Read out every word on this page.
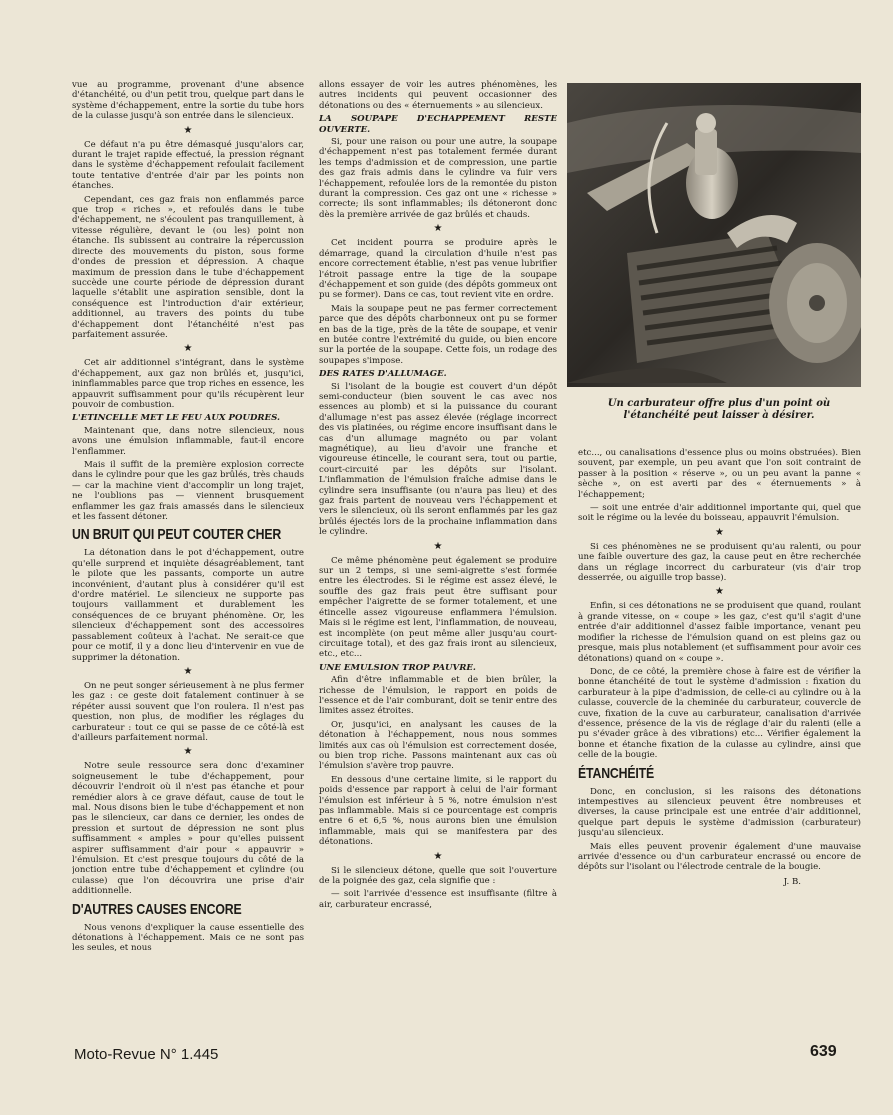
vue au programme, provenant d'une absence d'étanchéité, ou d'un petit trou, quelque part dans le système d'échappement, entre la sortie du tube hors de la culasse jusqu'à son entrée dans le silencieux.

★

Ce défaut n'a pu être démasqué jusqu'alors car, durant le trajet rapide effectué, la pression régnant dans le système d'échappement refoulait facilement toute tentative d'entrée d'air par les points non étanches.

Cependant, ces gaz frais non enflammés parce que trop « riches », et refoulés dans le tube d'échappement, ne s'écoulent pas tranquillement, à vitesse régulière, devant le (ou les) point non étanche. Ils subissent au contraire la répercussion directe des mouvements du piston, sous forme d'ondes de pression et dépression. A chaque maximum de pression dans le tube d'échappement succède une courte période de dépression durant laquelle s'établit une aspiration sensible, dont la conséquence est l'introduction d'air extérieur, additionnel, au travers des points du tube d'échappement dont l'étanchéité n'est pas parfaitement assurée.

★

Cet air additionnel s'intégrant, dans le système d'échappement, aux gaz non brûlés et, jusqu'ici, ininflammables parce que trop riches en essence, les appauvrit suffisamment pour qu'ils récupèrent leur pouvoir de combustion.

L'ETINCELLE MET LE FEU AUX POUDRES.

Maintenant que, dans notre silencieux, nous avons une émulsion inflammable, faut-il encore l'enflammer.

Mais il suffit de la première explosion correcte dans le cylindre pour que les gaz brûlés, très chauds — car la machine vient d'accomplir un long trajet, ne l'oublions pas — viennent brusquement enflammer les gaz frais amassés dans le silencieux et les fassent détoner.

UN BRUIT QUI PEUT COUTER CHER

La détonation dans le pot d'échappement, outre qu'elle surprend et inquiète désagréablement, tant le pilote que les passants, comporte un autre inconvénient, d'autant plus à considérer qu'il est d'ordre matériel. Le silencieux ne supporte pas toujours vaillamment et durablement les conséquences de ce bruyant phénomène. Or, les silencieux d'échappement sont des accessoires passablement coûteux à l'achat. Ne serait-ce que pour ce motif, il y a donc lieu d'intervenir en vue de supprimer la détonation.

★

On ne peut songer sérieusement à ne plus fermer les gaz : ce geste doit fatalement continuer à se répéter aussi souvent que l'on roulera. Il n'est pas question, non plus, de modifier les réglages du carburateur : tout ce qui se passe de ce côté-là est d'ailleurs parfaitement normal.

★

Notre seule ressource sera donc d'examiner soigneusement le tube d'échappement, pour découvrir l'endroit où il n'est pas étanche et pour remédier alors à ce grave défaut, cause de tout le mal. Nous disons bien le tube d'échappement et non pas le silencieux, car dans ce dernier, les ondes de pression et surtout de dépression ne sont plus suffisamment « amples » pour qu'elles puissent aspirer suffisamment d'air pour « appauvrir » l'émulsion. Et c'est presque toujours du côté de la jonction entre tube d'échappement et cylindre (ou culasse) que l'on découvrira une prise d'air additionnelle.

D'AUTRES CAUSES ENCORE

Nous venons d'expliquer la cause essentielle des détonations à l'échappement. Mais ce ne sont pas les seules, et nous

allons essayer de voir les autres phénomènes, les autres incidents qui peuvent occasionner des détonations ou des « éternuements » au silencieux.

LA SOUPAPE D'ECHAPPEMENT RESTE OUVERTE.

Si, pour une raison ou pour une autre, la soupape d'échappement n'est pas totalement fermée durant les temps d'admission et de compression, une partie des gaz frais admis dans le cylindre va fuir vers l'échappement, refoulée lors de la remontée du piston durant la compression. Ces gaz ont une « richesse » correcte; ils sont inflammables; ils détoneront donc dès la première arrivée de gaz brûlés et chauds.

★

Cet incident pourra se produire après le démarrage, quand la circulation d'huile n'est pas encore correctement établie, n'est pas venue lubrifier l'étroit passage entre la tige de la soupape d'échappement et son guide (des dépôts gommeux ont pu se former). Dans ce cas, tout revient vite en ordre.

Mais la soupape peut ne pas fermer correctement parce que des dépôts charbonneux ont pu se former en bas de la tige, près de la tête de soupape, et venir en butée contre l'extrémité du guide, ou bien encore sur la portée de la soupape. Cette fois, un rodage des soupapes s'impose.

DES RATES D'ALLUMAGE.

Si l'isolant de la bougie est couvert d'un dépôt semi-conducteur (bien souvent le cas avec nos essences au plomb) et si la puissance du courant d'allumage n'est pas assez élevée (réglage incorrect des vis platinées, ou régime encore insuffisant dans le cas d'un allumage magnéto ou par volant magnétique), au lieu d'avoir une franche et vigoureuse étincelle, le courant sera, tout ou partie, court-circuité par les dépôts sur l'isolant. L'inflammation de l'émulsion fraîche admise dans le cylindre sera insuffisante (ou n'aura pas lieu) et des gaz frais partent de nouveau vers l'échappement et vers le silencieux, où ils seront enflammés par les gaz brûlés éjectés lors de la prochaine inflammation dans le cylindre.

★

Ce même phénomène peut également se produire sur un 2 temps, si une semi-aigrette s'est formée entre les électrodes. Si le régime est assez élevé, le souffle des gaz frais peut être suffisant pour empêcher l'aigrette de se former totalement, et une étincelle assez vigoureuse enflammera l'émulsion. Mais si le régime est lent, l'inflammation, de nouveau, est incomplète (on peut même aller jusqu'au court-circuitage total), et des gaz frais iront au silencieux, etc., etc...

UNE EMULSION TROP PAUVRE.

Afin d'être inflammable et de bien brûler, la richesse de l'émulsion, le rapport en poids de l'essence et de l'air comburant, doit se tenir entre des limites assez étroites.

Or, jusqu'ici, en analysant les causes de la détonation à l'échappement, nous nous sommes limités aux cas où l'émulsion est correctement dosée, ou bien trop riche. Passons maintenant aux cas où l'émulsion s'avère trop pauvre.

En dessous d'une certaine limite, si le rapport du poids d'essence par rapport à celui de l'air formant l'émulsion est inférieur à 5 %, notre émulsion n'est pas inflammable. Mais si ce pourcentage est compris entre 6 et 6,5 %, nous aurons bien une émulsion inflammable, mais qui se manifestera par des détonations.

★

Si le silencieux détone, quelle que soit l'ouverture de la poignée des gaz, cela signifie que :

— soit l'arrivée d'essence est insuffisante (filtre à air, carburateur encrassé,

Un carburateur offre plus d'un point où l'étanchéité peut laisser à désirer.

etc..., ou canalisations d'essence plus ou moins obstruées). Bien souvent, par exemple, un peu avant que l'on soit contraint de passer à la position « réserve », ou un peu avant la panne « sèche », on est averti par des « éternuements » à l'échappement;

— soit une entrée d'air additionnel importante qui, quel que soit le régime ou la levée du boisseau, appauvrit l'émulsion.

★

Si ces phénomènes ne se produisent qu'au ralenti, ou pour une faible ouverture des gaz, la cause peut en être recherchée dans un réglage incorrect du carburateur (vis d'air trop desserrée, ou aiguille trop basse).

★

Enfin, si ces détonations ne se produisent que quand, roulant à grande vitesse, on « coupe » les gaz, c'est qu'il s'agit d'une entrée d'air additionnel d'assez faible importance, venant peu modifier la richesse de l'émulsion quand on est pleins gaz ou presque, mais plus notablement (et suffisamment pour avoir ces détonations) quand on « coupe ».

Donc, de ce côté, la première chose à faire est de vérifier la bonne étanchéité de tout le système d'admission : fixation du carburateur à la pipe d'admission, de celle-ci au cylindre ou à la culasse, couvercle de la cheminée du carburateur, couvercle de cuve, fixation de la cuve au carburateur, canalisation d'arrivée d'essence, présence de la vis de réglage d'air du ralenti (elle a pu s'évader grâce à des vibrations) etc... Vérifier également la bonne et étanche fixation de la culasse au cylindre, ainsi que celle de la bougie.

ÉTANCHÉITÉ

Donc, en conclusion, si les raisons des détonations intempestives au silencieux peuvent être nombreuses et diverses, la cause principale est une entrée d'air additionnel, quelque part depuis le système d'admission (carburateur) jusqu'au silencieux.

Mais elles peuvent provenir également d'une mauvaise arrivée d'essence ou d'un carburateur encrassé ou encore de dépôts sur l'isolant ou l'électrode centrale de la bougie.

J. B.
Moto-Revue N° 1.445	639
